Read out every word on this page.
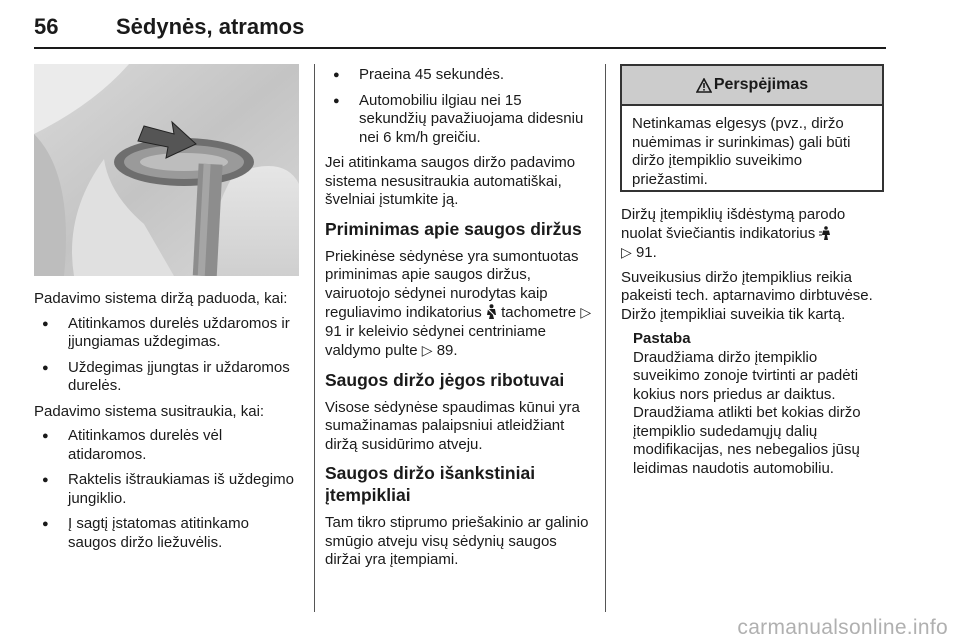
56	Sėdynės, atramos

Padavimo sistema diržą paduoda, kai:

● Atitinkamos durelės uždaromos ir įjungiamas uždegimas.
● Uždegimas įjungtas ir uždaromos durelės.

Padavimo sistema susitraukia, kai:

● Atitinkamos durelės vėl atidaromos.
● Raktelis ištraukiamas iš uždegimo jungiklio.
● Į sagtį įstatomas atitinkamo saugos diržo liežuvėlis.
● Praeina 45 sekundės.
● Automobiliu ilgiau nei 15 sekundžių pavažiuojama didesniu nei 6 km/h greičiu.

Jei atitinkama saugos diržo padavimo sistema nesusitraukia automatiškai, švelniai įstumkite ją.

Priminimas apie saugos diržus

Priekinėse sėdynėse yra sumontuotas priminimas apie saugos diržus, vairuotojo sėdynei nurodytas kaip reguliavimo indikatorius tachometre ▷ 91 ir keleivio sėdynei centriniame valdymo pulte ▷ 89.

Saugos diržo jėgos ribotuvai

Visose sėdynėse spaudimas kūnui yra sumažinamas palaipsniui atleidžiant diržą susidūrimo atveju.

Saugos diržo išankstiniai
įtempikliai

Tam tikro stiprumo priešakinio ar galinio smūgio atveju visų sėdynių saugos diržai yra įtempiami.

Perspėjimas
Netinkamas elgesys (pvz., diržo nuėmimas ir surinkimas) gali būti diržo įtempiklio suveikimo priežastimi.

Diržų įtempiklių išdėstymą parodo nuolat šviečiantis indikatorius
▷ 91.

Suveikusius diržo įtempiklius reikia pakeisti tech. aptarnavimo dirbtuvėse. Diržo įtempikliai suveikia tik kartą.

Pastaba
Draudžiama diržo įtempiklio suveikimo zonoje tvirtinti ar padėti kokius nors priedus ar daiktus. Draudžiama atlikti bet kokias diržo įtempiklio sudedamųjų dalių modifikacijas, nes nebegalios jūsų leidimas naudotis automobiliu.
carmanualsonline.info
